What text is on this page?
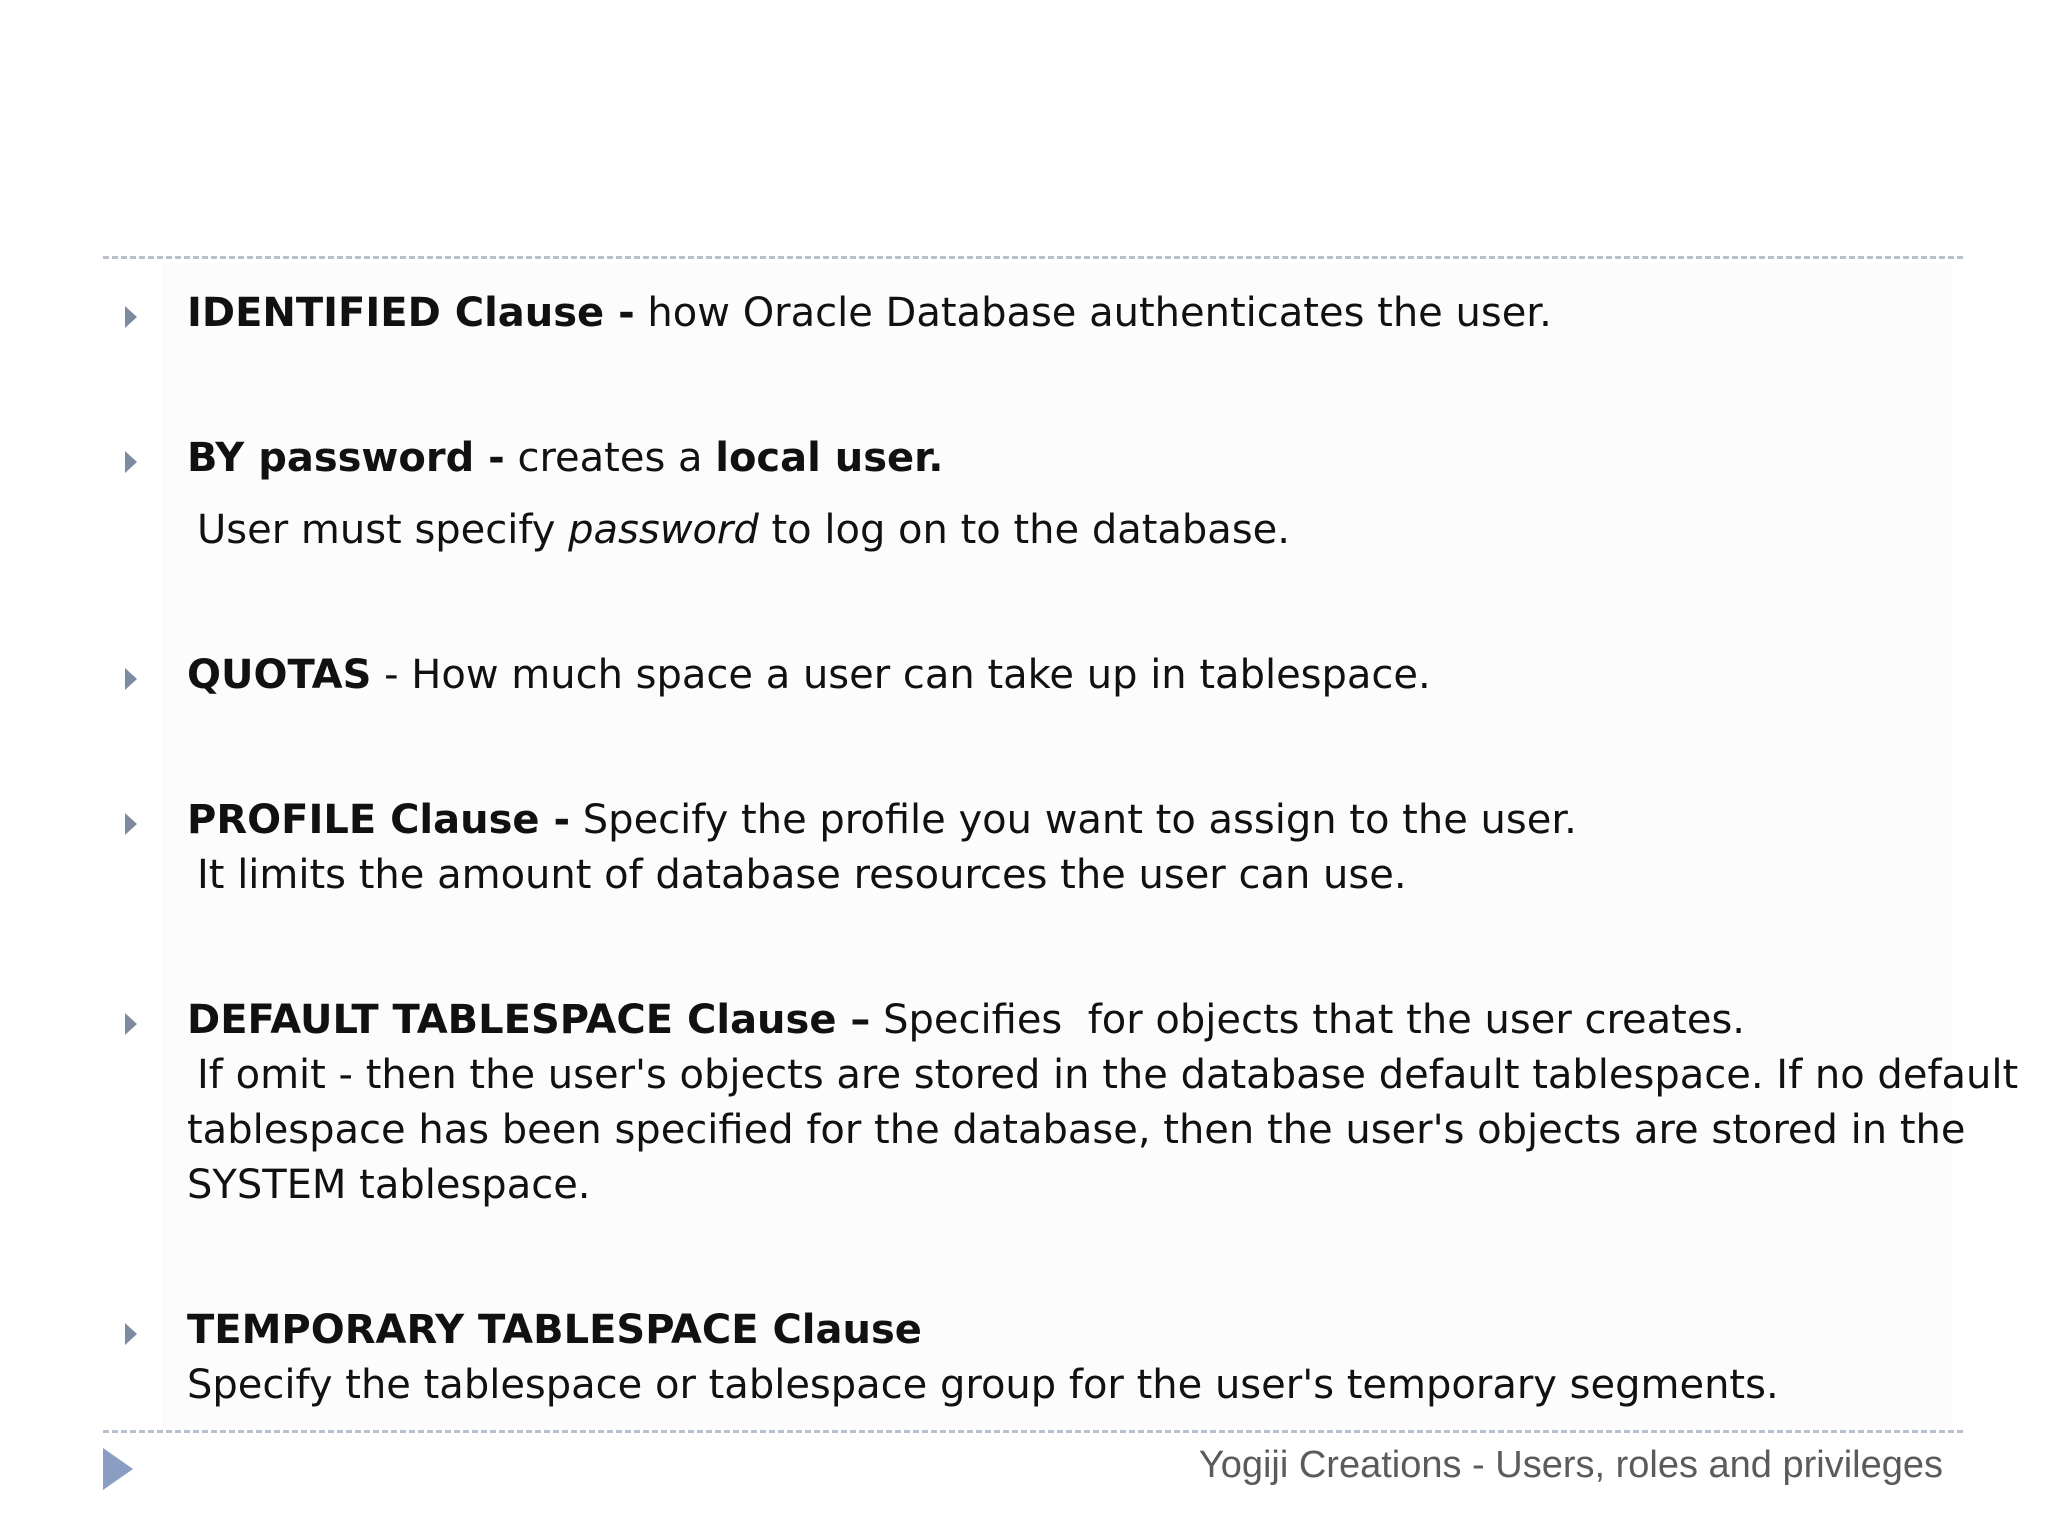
IDENTIFIED Clause - how Oracle Database authenticates the user.
BY password - creates a local user.
User must specify password to log on to the database.
QUOTAS - How much space a user can take up in tablespace.
PROFILE Clause - Specify the profile you want to assign to the user.
It limits the amount of database resources the user can use.
DEFAULT TABLESPACE Clause – Specifies  for objects that the user creates.
If omit - then the user's objects are stored in the database default tablespace. If no default
tablespace has been specified for the database, then the user's objects are stored in the
SYSTEM tablespace.
TEMPORARY TABLESPACE Clause
Specify the tablespace or tablespace group for the user's temporary segments.
Yogiji Creations - Users, roles and privileges
